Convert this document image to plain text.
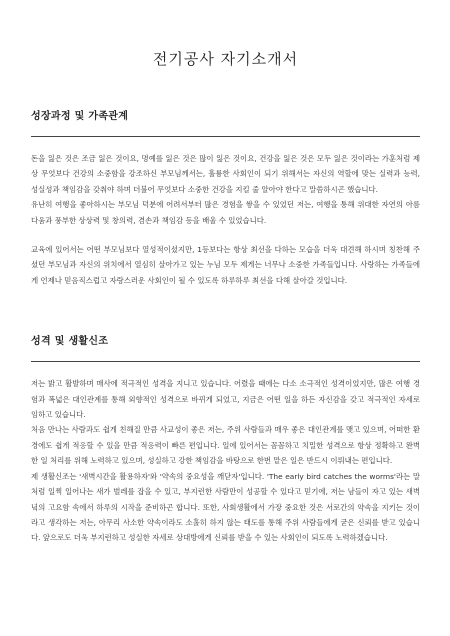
전기공사 자기소개서
성장과정 및 가족관계

돈을 잃은 것은 조금 잃은 것이요, 명예를 잃은 것은 많이 잃은 것이요, 건강을 잃은 것은 모두 잃은 것이라는 가훈처럼 제상 무엇보다 건강의 소중함을 강조하신 부모님께서는, 훌륭한 사회인이 되기 위해서는 자신의 역할에 맞는 실력과 능력, 성실성과 책임감을 갖춰야 하며 더불어 무엇보다 소중한 건강을 지킬 줄 알아야 한다고 말씀하시곤 했습니다.

유난히 여행을 좋아하시는 부모님 덕분에 어려서부터 많은 경험을 쌓을 수 있었던 저는, 여행을 통해 위대한 자연의 아름다움과 풍부한 상상력 및 창의력, 겸손과 책임감 등을 배울 수 있었습니다.

교육에 있어서는 어떤 부모님보다 열성적이셨지만, 1등보다는 항상 최선을 다하는 모습을 더욱 대견해 하시며 칭찬해 주셨던 부모님과 자신의 위치에서 열심히 살아가고 있는 누님 모두 제게는 너무나 소중한 가족들입니다. 사랑하는 가족들에게 언제나 믿음직스럽고 자랑스러운 사회인이 될 수 있도록 하루하루 최선을 다해 살아갈 것입니다.

성격 및 생활신조

저는 밝고 활발하며 매사에 적극적인 성격을 지니고 있습니다. 어렸을 때에는 다소 소극적인 성격이었지만, 많은 여행 경험과 폭넓은 대인관계를 통해 외향적인 성격으로 바뀌게 되었고, 지금은 어떤 일을 하든 자신감을 갖고 적극적인 자세로 임하고 있습니다.

처음 만나는 사람과도 쉽게 친해질 만큼 사교성이 좋은 저는, 주위 사람들과 매우 좋은 대인관계를 맺고 있으며, 어떠한 환경에도 쉽게 적응할 수 있을 만큼 적응력이 빠른 편입니다. 일에 있어서는 꼼꼼하고 치밀한 성격으로 항상 정확하고 완벽한 일 처리를 위해 노력하고 있으며, 성실하고 강한 책임감을 바탕으로 한번 맡은 일은 반드시 이뤄내는 편입니다.

제 생활신조는 '새벽시간을 활용하자'와 '약속의 중요성을 깨닫자'입니다. 'The early bird catches the worms'라는 말처럼 일찍 일어나는 새가 벌레를 잡을 수 있고, 부지런한 사람만이 성공할 수 있다고 믿기에, 저는 남들이 자고 있는 새벽녘의 고요함 속에서 하루의 시작을 준비하곤 합니다. 또한, 사회생활에서 가장 중요한 것은 서로간의 약속을 지키는 것이라고 생각하는 저는, 아무리 사소한 약속이라도 소홀히 하지 않는 태도를 통해 주위 사람들에게 굳은 신뢰를 받고 있습니다. 앞으로도 더욱 부지런하고 성실한 자세로 상대방에게 신뢰를 받을 수 있는 사회인이 되도록 노력하겠습니다.
